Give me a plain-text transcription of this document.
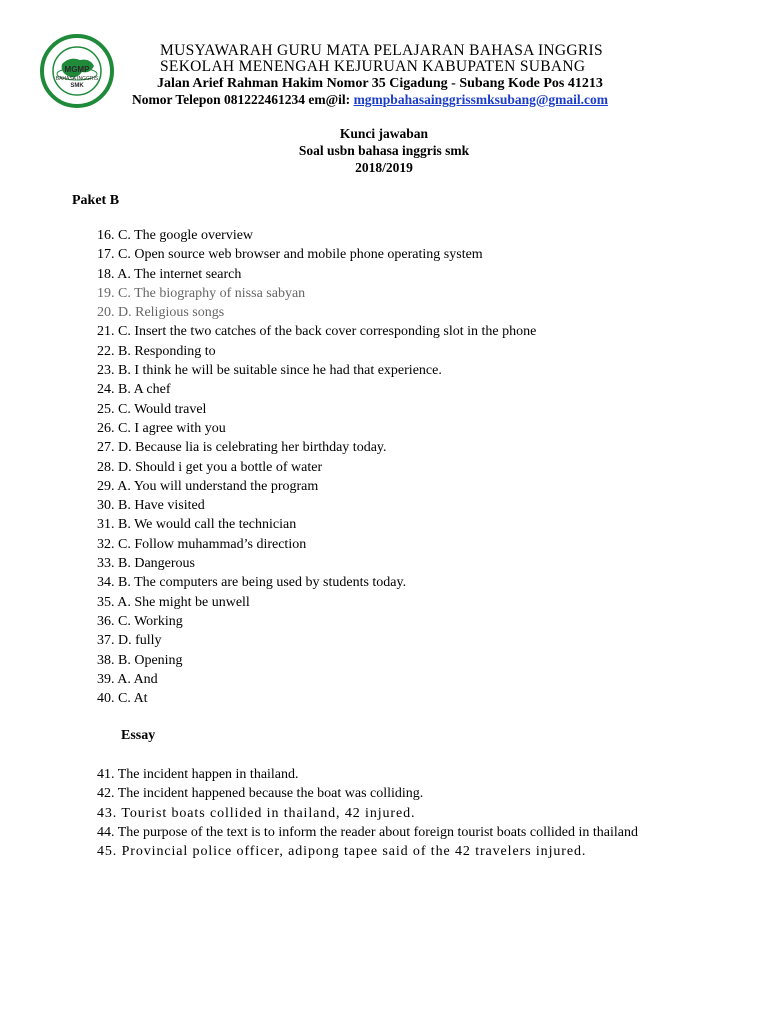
MGMP
BAHASA INGGRIS
SMK
MUSYAWARAH GURU MATA PELAJARAN BAHASA INGGRIS
SEKOLAH MENENGAH KEJURUAN KABUPATEN SUBANG
Jalan Arief Rahman Hakim Nomor 35 Cigadung - Subang Kode Pos 41213
Nomor Telepon 081222461234 em@il: mgmpbahasainggrissmksubang@gmail.com
Kunci jawaban
Soal usbn bahasa inggris smk
2018/2019
Paket B
16. C. The google overview
17. C. Open source web browser and mobile phone operating system
18. A. The internet search
19. C. The biography of nissa sabyan
20. D. Religious songs
21. C. Insert the two catches of the back cover corresponding slot in the phone
22. B. Responding to
23. B. I think he will be suitable since he had that experience.
24. B. A chef
25. C. Would travel
26. C. I agree with you
27. D. Because lia is celebrating her birthday today.
28. D. Should i get you a bottle of water
29. A. You will understand the program
30. B. Have visited
31. B. We would call the technician
32. C. Follow muhammad’s direction
33. B. Dangerous
34. B. The computers are being used by students today.
35. A. She might be unwell
36. C. Working
37. D. fully
38. B. Opening
39. A. And
40. C. At
Essay
41. The incident happen in thailand.
42. The incident happened because the boat was colliding.
43. Tourist boats collided in thailand, 42 injured.
44. The purpose of the text is to inform the reader about foreign tourist boats collided in thailand
45. Provincial police officer, adipong tapee said of the 42 travelers injured.
